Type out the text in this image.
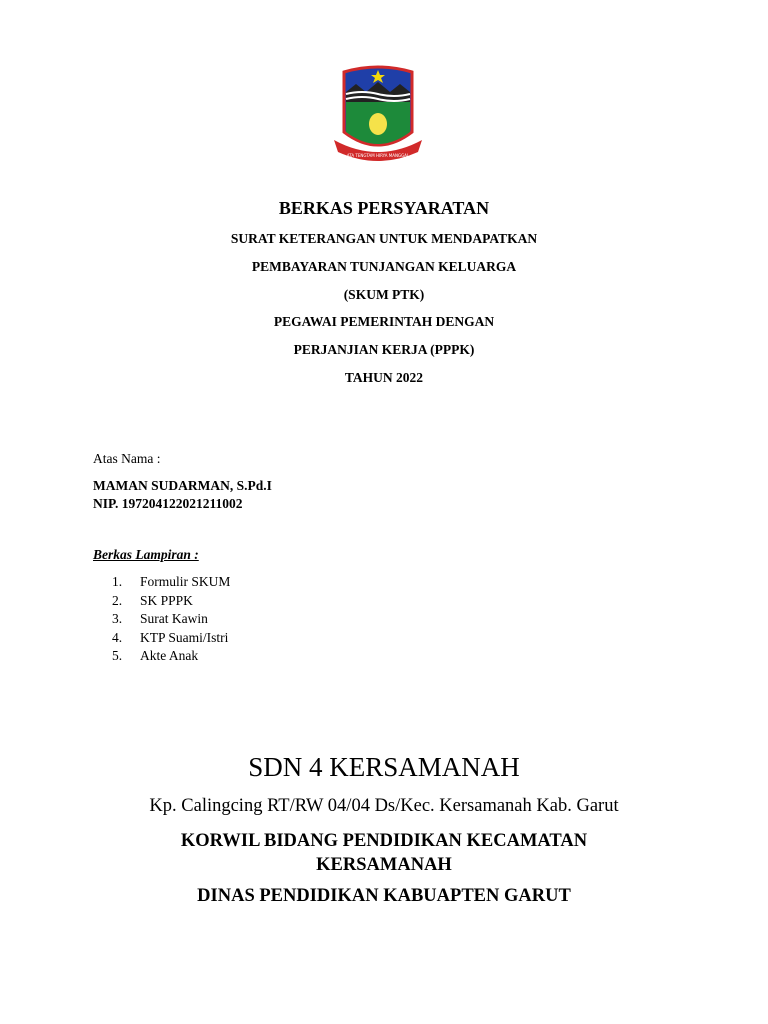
ATA TENGTAM HIRYA MANGGAL
BERKAS PERSYARATAN
SURAT KETERANGAN UNTUK MENDAPATKAN
PEMBAYARAN TUNJANGAN KELUARGA
(SKUM PTK)
PEGAWAI PEMERINTAH DENGAN
PERJANJIAN KERJA (PPPK)
TAHUN 2022
Atas Nama :
MAMAN SUDARMAN, S.Pd.I
NIP. 197204122021211002
Berkas Lampiran :
1.	Formulir SKUM
2.	SK PPPK
3.	Surat Kawin
4.	KTP Suami/Istri
5.	Akte Anak
SDN 4 KERSAMANAH
Kp. Calingcing RT/RW 04/04 Ds/Kec. Kersamanah Kab. Garut
KORWIL BIDANG PENDIDIKAN KECAMATAN
KERSAMANAH
DINAS PENDIDIKAN KABUAPTEN GARUT
